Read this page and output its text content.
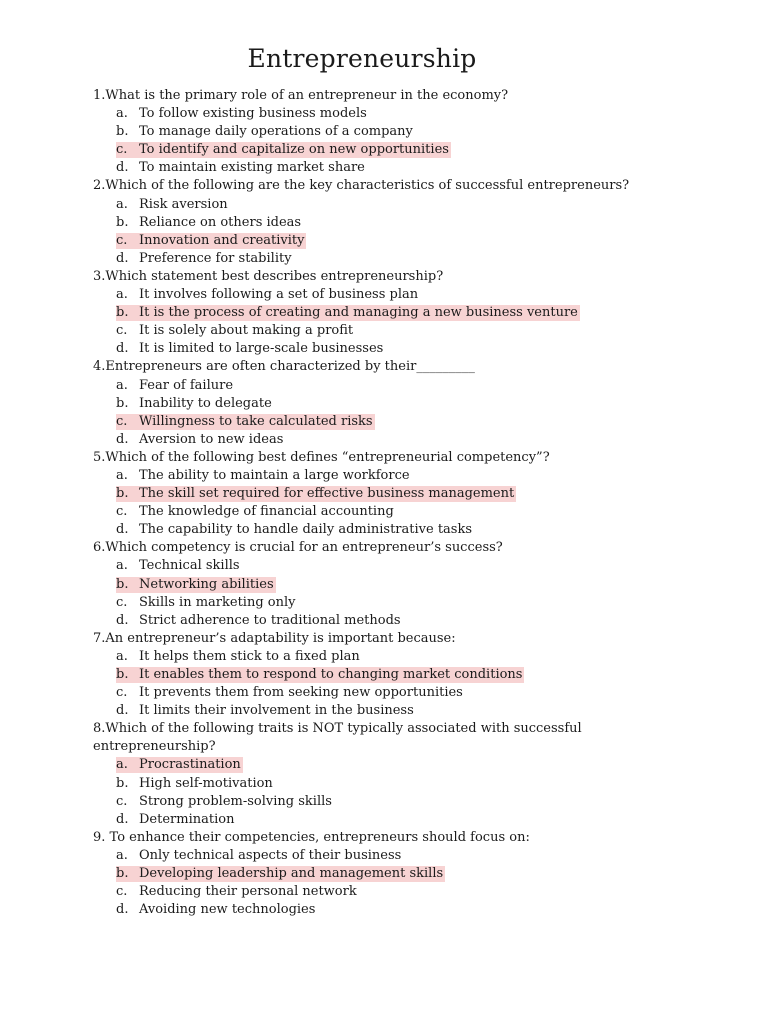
Entrepreneurship
1.What is the primary role of an entrepreneur in the economy?
a. To follow existing business models
b. To manage daily operations of a company
c. To identify and capitalize on new opportunities
d. To maintain existing market share
2.Which of the following are the key characteristics of successful entrepreneurs?
a. Risk aversion
b. Reliance on others ideas
c. Innovation and creativity
d. Preference for stability
3.Which statement best describes entrepreneurship?
a. It involves following a set of business plan
b. It is the process of creating and managing a new business venture
c. It is solely about making a profit
d. It is limited to large-scale businesses
4.Entrepreneurs are often characterized by their_________
a. Fear of failure
b. Inability to delegate
c. Willingness to take calculated risks
d. Aversion to new ideas
5.Which of the following best defines “entrepreneurial competency”?
a. The ability to maintain a large workforce
b. The skill set required for effective business management
c. The knowledge of financial accounting
d. The capability to handle daily administrative tasks
6.Which competency is crucial for an entrepreneur’s success?
a. Technical skills
b. Networking abilities
c. Skills in marketing only
d. Strict adherence to traditional methods
7.An entrepreneur’s adaptability is important because:
a. It helps them stick to a fixed plan
b. It enables them to respond to changing market conditions
c. It prevents them from seeking new opportunities
d. It limits their involvement in the business
8.Which of the following traits is NOT typically associated with successful
entrepreneurship?
a. Procrastination
b. High self-motivation
c. Strong problem-solving skills
d. Determination
9. To enhance their competencies, entrepreneurs should focus on:
a. Only technical aspects of their business
b. Developing leadership and management skills
c. Reducing their personal network
d. Avoiding new technologies
